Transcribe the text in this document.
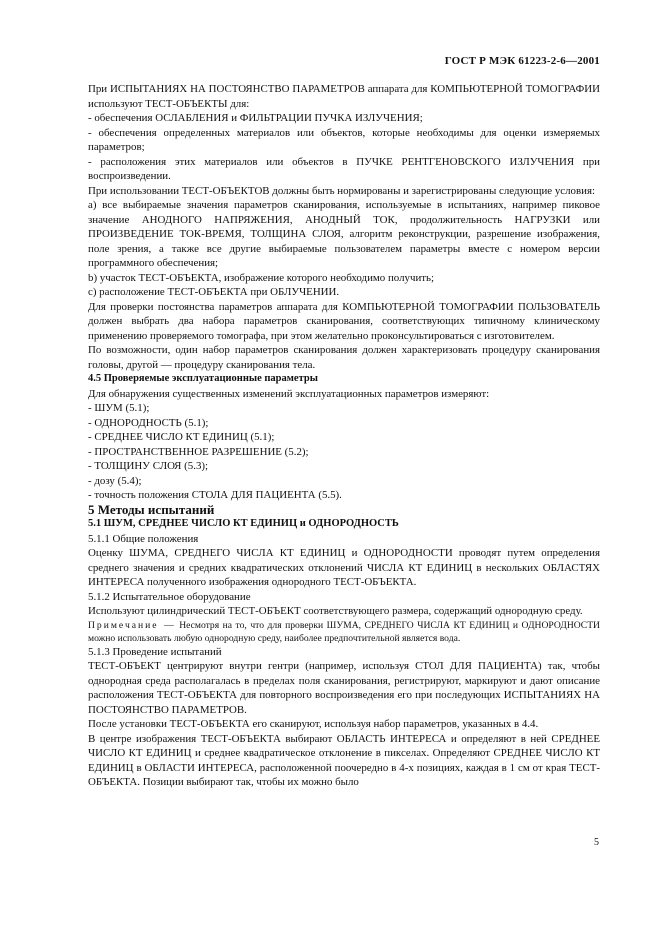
ГОСТ Р МЭК 61223-2-6—2001

При ИСПЫТАНИЯХ НА ПОСТОЯНСТВО ПАРАМЕТРОВ аппарата для КОМПЬЮТЕРНОЙ ТОМОГРАФИИ используют ТЕСТ-ОБЪЕКТЫ для:

- обеспечения ОСЛАБЛЕНИЯ и ФИЛЬТРАЦИИ ПУЧКА ИЗЛУЧЕНИЯ;

- обеспечения определенных материалов или объектов, которые необходимы для оценки измеряемых параметров;

- расположения этих материалов или объектов в ПУЧКЕ РЕНТГЕНОВСКОГО ИЗЛУЧЕНИЯ при воспроизведении.

При использовании ТЕСТ-ОБЪЕКТОВ должны быть нормированы и зарегистрированы следующие условия:

а) все выбираемые значения параметров сканирования, используемые в испытаниях, например пиковое значение АНОДНОГО НАПРЯЖЕНИЯ, АНОДНЫЙ ТОК, продолжительность НАГРУЗКИ или ПРОИЗВЕДЕНИЕ ТОК-ВРЕМЯ, ТОЛЩИНА СЛОЯ, алгоритм реконструкции, разрешение изображения, поле зрения, а также все другие выбираемые пользователем параметры вместе с номером версии программного обеспечения;

b) участок ТЕСТ-ОБЪЕКТА, изображение которого необходимо получить;

c) расположение ТЕСТ-ОБЪЕКТА при ОБЛУЧЕНИИ.

Для проверки постоянства параметров аппарата для КОМПЬЮТЕРНОЙ ТОМОГРАФИИ ПОЛЬЗОВАТЕЛЬ должен выбрать два набора параметров сканирования, соответствующих типичному клиническому применению проверяемого томографа, при этом желательно проконсультироваться с изготовителем.

По возможности, один набор параметров сканирования должен характеризовать процедуру сканирования головы, другой — процедуру сканирования тела.

4.5 Проверяемые эксплуатационные параметры

Для обнаружения существенных изменений эксплуатационных параметров измеряют:

- ШУМ (5.1);

- ОДНОРОДНОСТЬ (5.1);

- СРЕДНЕЕ ЧИСЛО КТ ЕДИНИЦ (5.1);

- ПРОСТРАНСТВЕННОЕ РАЗРЕШЕНИЕ (5.2);

- ТОЛЩИНУ СЛОЯ (5.3);

- дозу (5.4);

- точность положения СТОЛА ДЛЯ ПАЦИЕНТА (5.5).

5 Методы испытаний

5.1 ШУМ, СРЕДНЕЕ ЧИСЛО КТ ЕДИНИЦ и ОДНОРОДНОСТЬ

5.1.1 Общие положения

Оценку ШУМА, СРЕДНЕГО ЧИСЛА КТ ЕДИНИЦ и ОДНОРОДНОСТИ проводят путем определения среднего значения и средних квадратических отклонений ЧИСЛА КТ ЕДИНИЦ в нескольких ОБЛАСТЯХ ИНТЕРЕСА полученного изображения однородного ТЕСТ-ОБЪЕКТА.

5.1.2 Испытательное оборудование

Используют цилиндрический ТЕСТ-ОБЪЕКТ соответствующего размера, содержащий однородную среду.

Примечание — Несмотря на то, что для проверки ШУМА, СРЕДНЕГО ЧИСЛА КТ ЕДИНИЦ и ОДНОРОДНОСТИ можно использовать любую однородную среду, наиболее предпочтительной является вода.

5.1.3 Проведение испытаний

ТЕСТ-ОБЪЕКТ центрируют внутри гентри (например, используя СТОЛ ДЛЯ ПАЦИЕНТА) так, чтобы однородная среда располагалась в пределах поля сканирования, регистрируют, маркируют и дают описание расположения ТЕСТ-ОБЪЕКТА для повторного воспроизведения его при последующих ИСПЫТАНИЯХ НА ПОСТОЯНСТВО ПАРАМЕТРОВ.

После установки ТЕСТ-ОБЪЕКТА его сканируют, используя набор параметров, указанных в 4.4.

В центре изображения ТЕСТ-ОБЪЕКТА выбирают ОБЛАСТЬ ИНТЕРЕСА и определяют в ней СРЕДНЕЕ ЧИСЛО КТ ЕДИНИЦ и среднее квадратическое отклонение в пикселах. Определяют СРЕДНЕЕ ЧИСЛО КТ ЕДИНИЦ в ОБЛАСТИ ИНТЕРЕСА, расположенной поочередно в 4-х позициях, каждая в 1 см от края ТЕСТ-ОБЪЕКТА. Позиции выбирают так, чтобы их можно было

5
